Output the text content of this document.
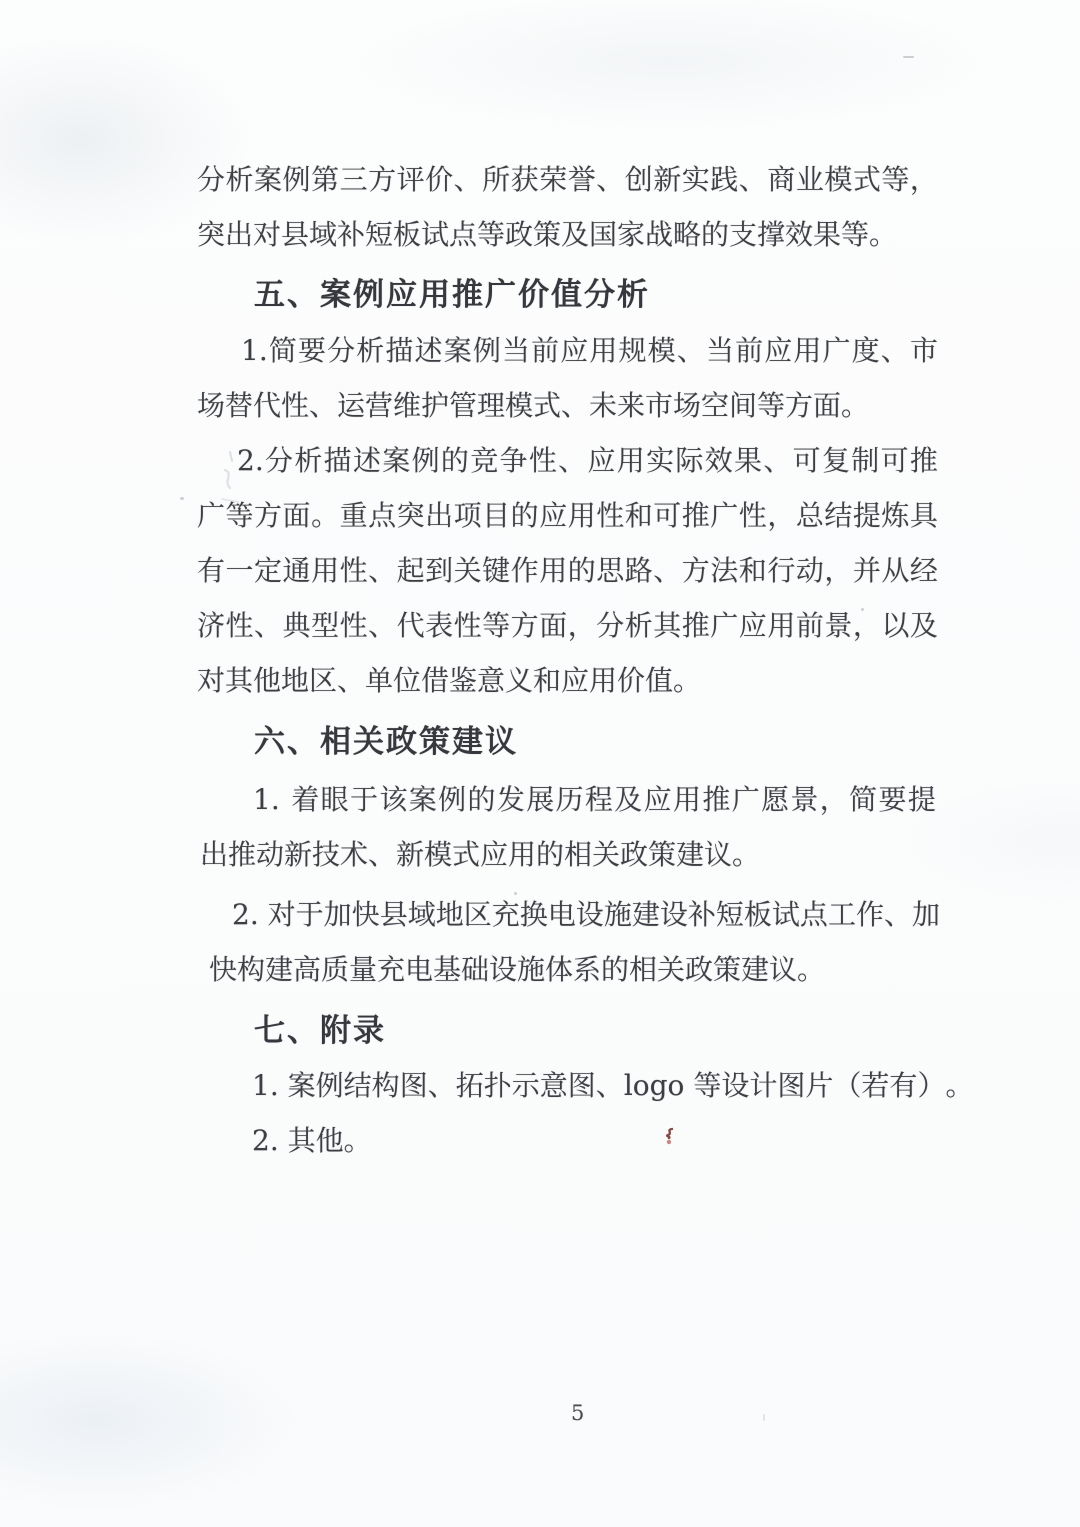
分 析 案 例 第 三 方 评 价 、 所 获 荣 誉 、 创 新 实 践 、 商 业 模 式 等 ，
突出对县域补短板试点等政策及国家战略的支撑效果等。
五、案例应用推广价值分析
1. 简 要 分 析 描 述 案 例 当 前 应 用 规 模 、 当 前 应 用 广 度 、 市
场替代性、运营维护管理模式、未来市场空间等方面。
2. 分 析 描 述 案 例 的 竞 争 性 、 应 用 实 际 效 果 、 可 复 制 可 推
广 等 方 面 。 重 点 突 出 项 目 的 应 用 性 和 可 推 广 性 ， 总 结 提 炼 具
有 一 定 通 用 性 、 起 到 关 键 作 用 的 思 路 、 方 法 和 行 动 ， 并 从 经
济 性 、 典 型 性 、 代 表 性 等 方 面 ， 分 析 其 推 广 应 用 前 景 ， 以 及
对其他地区、单位借鉴意义和应用价值。
六、相关政策建议
1.
着 眼 于 该 案 例 的 发 展 历 程 及 应 用 推 广 愿 景 ， 简 要 提
出推动新技术、新模式应用的相关政策建议。
2.
对 于 加 快 县 域 地 区 充 换 电 设 施 建 设 补 短 板 试 点 工 作 、 加
快构建高质量充电基础设施体系的相关政策建议。
七、附录
1.
案 例 结 构 图 、 拓 扑 示 意 图 、 logo
等 设 计 图 片 （ 若 有 ） 。
2. 其他。
5
